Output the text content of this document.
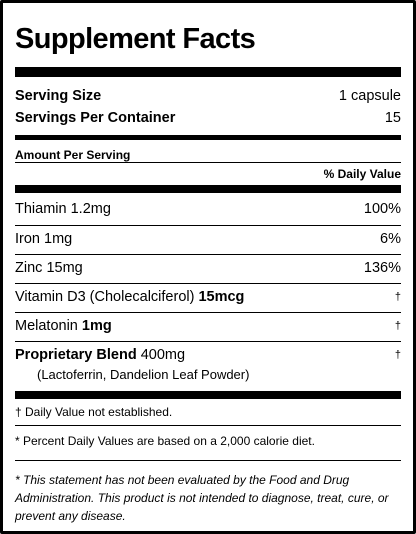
Supplement Facts
Serving Size	1 capsule
Servings Per Container	15
Amount Per Serving
% Daily Value
Thiamin 1.2mg	100%
Iron 1mg	6%
Zinc 15mg	136%
Vitamin D3 (Cholecalciferol) 15mcg	†
Melatonin 1mg	†
Proprietary Blend 400mg	†
(Lactoferrin, Dandelion Leaf Powder)
† Daily Value not established.
* Percent Daily Values are based on a 2,000 calorie diet.
* This statement has not been evaluated by the Food and Drug Administration. This product is not intended to diagnose, treat, cure, or prevent any disease.
